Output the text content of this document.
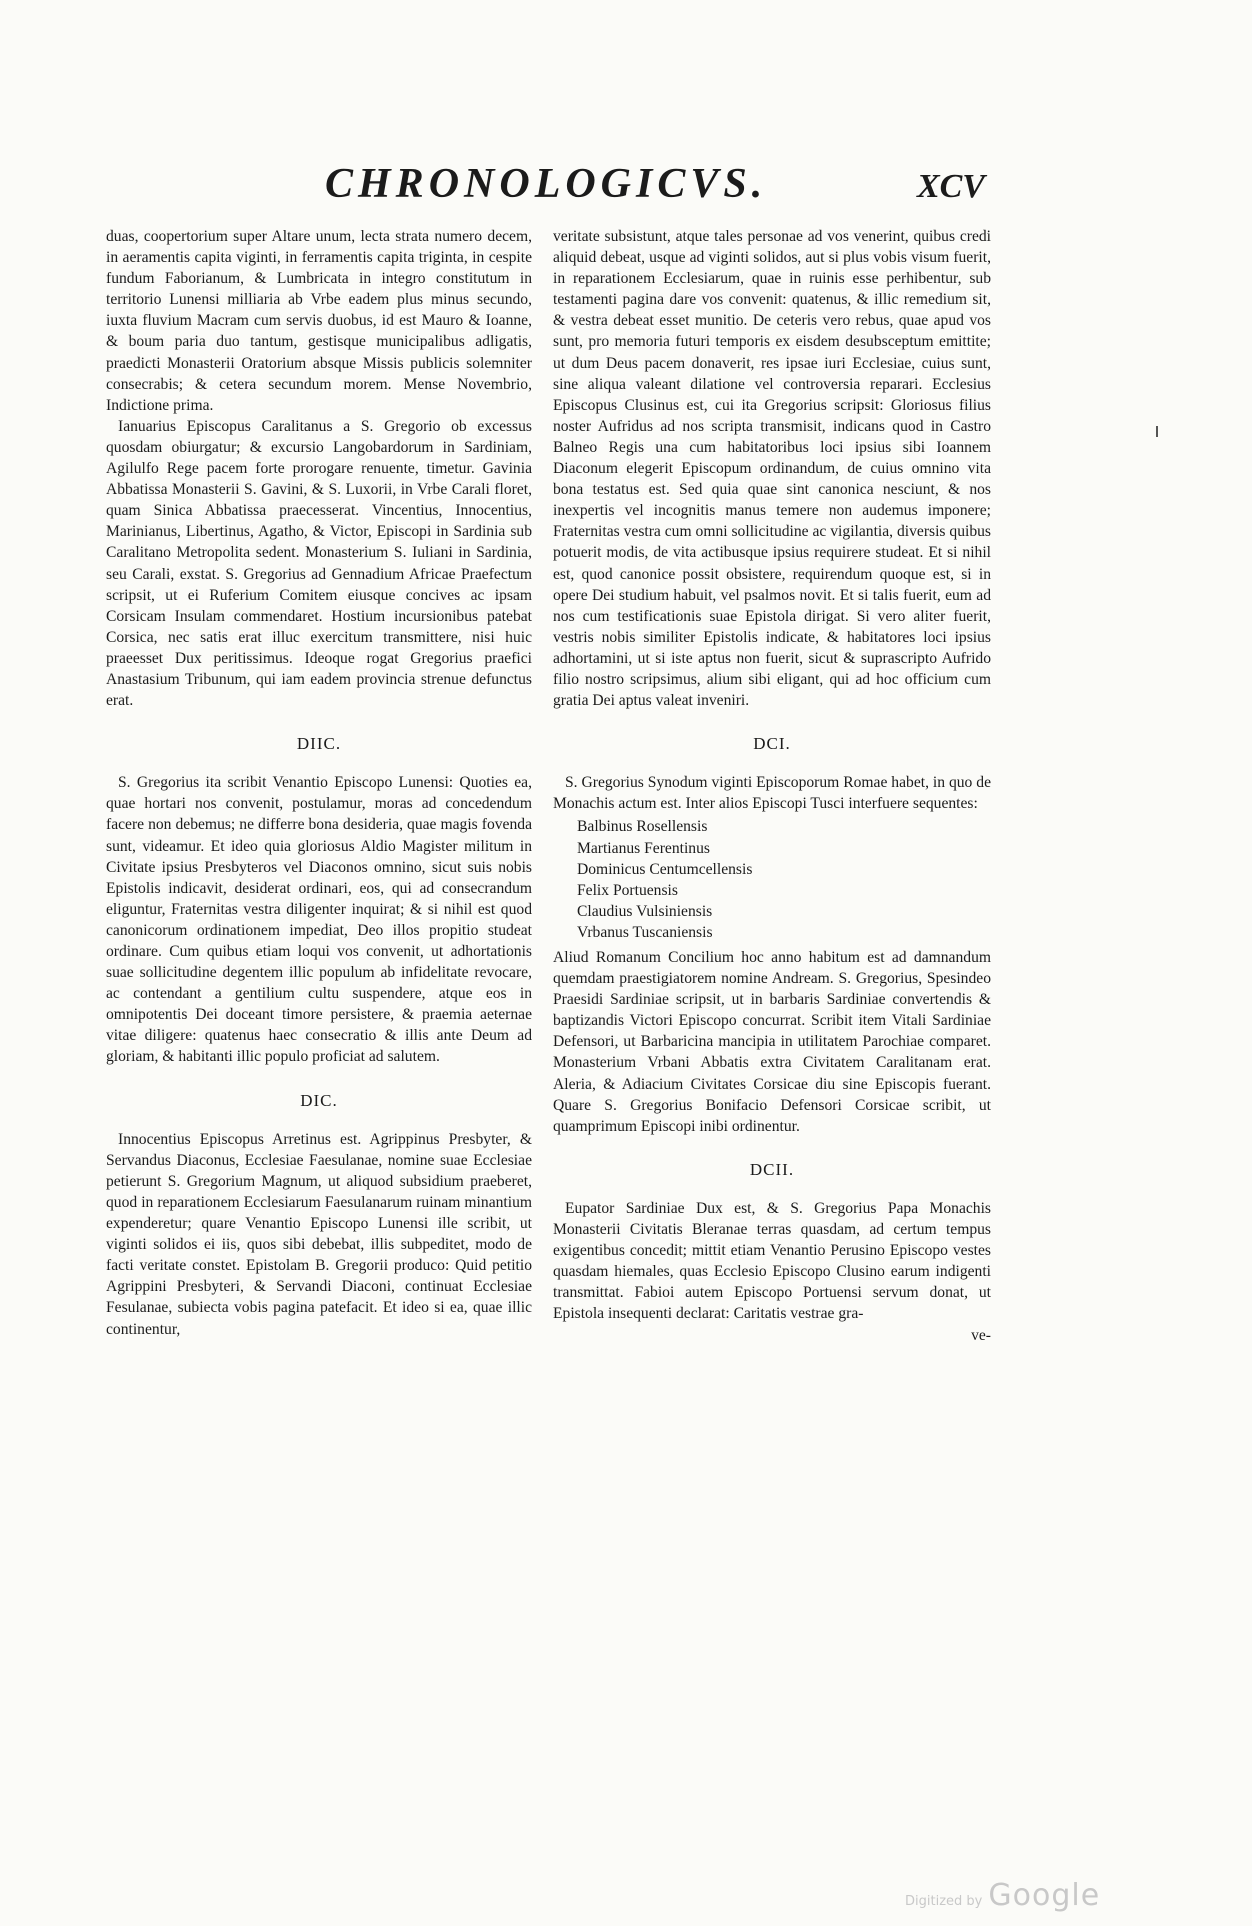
CHRONOLOGICVS.	XCV

duas, coopertorium super Altare unum, lecta strata numero decem, in aeramentis capita viginti, in ferramentis capita triginta, in cespite fundum Faborianum, & Lumbricata in integro constitutum in territorio Lunensi milliaria ab Vrbe eadem plus minus secundo, iuxta fluvium Macram cum servis duobus, id est Mauro & Ioanne, & boum paria duo tantum, gestisque municipalibus adligatis, praedicti Monasterii Oratorium absque Missis publicis solemniter consecrabis; & cetera secundum morem. Mense Novembrio, Indictione prima.

Ianuarius Episcopus Caralitanus a S. Gregorio ob excessus quosdam obiurgatur; & excursio Langobardorum in Sardiniam, Agilulfo Rege pacem forte prorogare renuente, timetur. Gavinia Abbatissa Monasterii S. Gavini, & S. Luxorii, in Vrbe Carali floret, quam Sinica Abbatissa praecesserat. Vincentius, Innocentius, Marinianus, Libertinus, Agatho, & Victor, Episcopi in Sardinia sub Caralitano Metropolita sedent. Monasterium S. Iuliani in Sardinia, seu Carali, exstat. S. Gregorius ad Gennadium Africae Praefectum scripsit, ut ei Ruferium Comitem eiusque concives ac ipsam Corsicam Insulam commendaret. Hostium incursionibus patebat Corsica, nec satis erat illuc exercitum transmittere, nisi huic praeesset Dux peritissimus. Ideoque rogat Gregorius praefici Anastasium Tribunum, qui iam eadem provincia strenue defunctus erat.

DIIC.

S. Gregorius ita scribit Venantio Episcopo Lunensi: Quoties ea, quae hortari nos convenit, postulamur, moras ad concedendum facere non debemus; ne differre bona desideria, quae magis fovenda sunt, videamur. Et ideo quia gloriosus Aldio Magister militum in Civitate ipsius Presbyteros vel Diaconos omnino, sicut suis nobis Epistolis indicavit, desiderat ordinari, eos, qui ad consecrandum eliguntur, Fraternitas vestra diligenter inquirat; & si nihil est quod canonicorum ordinationem impediat, Deo illos propitio studeat ordinare. Cum quibus etiam loqui vos convenit, ut adhortationis suae sollicitudine degentem illic populum ab infidelitate revocare, ac contendant a gentilium cultu suspendere, atque eos in omnipotentis Dei doceant timore persistere, & praemia aeternae vitae diligere: quatenus haec consecratio & illis ante Deum ad gloriam, & habitanti illic populo proficiat ad salutem.

DIC.

Innocentius Episcopus Arretinus est. Agrippinus Presbyter, & Servandus Diaconus, Ecclesiae Faesulanae, nomine suae Ecclesiae petierunt S. Gregorium Magnum, ut aliquod subsidium praeberet, quod in reparationem Ecclesiarum Faesulanarum ruinam minantium expenderetur; quare Venantio Episcopo Lunensi ille scribit, ut viginti solidos ei iis, quos sibi debebat, illis subpeditet, modo de facti veritate constet. Epistolam B. Gregorii produco: Quid petitio Agrippini Presbyteri, & Servandi Diaconi, continuat Ecclesiae Fesulanae, subiecta vobis pagina patefacit. Et ideo si ea, quae illic continentur,

veritate subsistunt, atque tales personae ad vos venerint, quibus credi aliquid debeat, usque ad viginti solidos, aut si plus vobis visum fuerit, in reparationem Ecclesiarum, quae in ruinis esse perhibentur, sub testamenti pagina dare vos convenit: quatenus, & illic remedium sit, & vestra debeat esset munitio. De ceteris vero rebus, quae apud vos sunt, pro memoria futuri temporis ex eisdem desubsceptum emittite; ut dum Deus pacem donaverit, res ipsae iuri Ecclesiae, cuius sunt, sine aliqua valeant dilatione vel controversia reparari. Ecclesius Episcopus Clusinus est, cui ita Gregorius scripsit: Gloriosus filius noster Aufridus ad nos scripta transmisit, indicans quod in Castro Balneo Regis una cum habitatoribus loci ipsius sibi Ioannem Diaconum elegerit Episcopum ordinandum, de cuius omnino vita bona testatus est. Sed quia quae sint canonica nesciunt, & nos inexpertis vel incognitis manus temere non audemus imponere; Fraternitas vestra cum omni sollicitudine ac vigilantia, diversis quibus potuerit modis, de vita actibusque ipsius requirere studeat. Et si nihil est, quod canonice possit obsistere, requirendum quoque est, si in opere Dei studium habuit, vel psalmos novit. Et si talis fuerit, eum ad nos cum testificationis suae Epistola dirigat. Si vero aliter fuerit, vestris nobis similiter Epistolis indicate, & habitatores loci ipsius adhortamini, ut si iste aptus non fuerit, sicut & suprascripto Aufrido filio nostro scripsimus, alium sibi eligant, qui ad hoc officium cum gratia Dei aptus valeat inveniri.

DCI.

S. Gregorius Synodum viginti Episcoporum Romae habet, in quo de Monachis actum est. Inter alios Episcopi Tusci interfuere sequentes:

Balbinus Rosellensis
Martianus Ferentinus
Dominicus Centumcellensis
Felix Portuensis
Claudius Vulsiniensis
Vrbanus Tuscaniensis

Aliud Romanum Concilium hoc anno habitum est ad damnandum quemdam praestigiatorem nomine Andream. S. Gregorius, Spesindeo Praesidi Sardiniae scripsit, ut in barbaris Sardiniae convertendis & baptizandis Victori Episcopo concurrat. Scribit item Vitali Sardiniae Defensori, ut Barbaricina mancipia in utilitatem Parochiae comparet. Monasterium Vrbani Abbatis extra Civitatem Caralitanam erat. Aleria, & Adiacium Civitates Corsicae diu sine Episcopis fuerant. Quare S. Gregorius Bonifacio Defensori Corsicae scribit, ut quamprimum Episcopi inibi ordinentur.

DCII.

Eupator Sardiniae Dux est, & S. Gregorius Papa Monachis Monasterii Civitatis Bleranae terras quasdam, ad certum tempus exigentibus concedit; mittit etiam Venantio Perusino Episcopo vestes quasdam hiemales, quas Ecclesio Episcopo Clusino earum indigenti transmittat. Fabioi autem Episcopo Portuensi servum donat, ut Epistola insequenti declarat: Caritatis vestrae gra-

ve-
Digitized by Google
